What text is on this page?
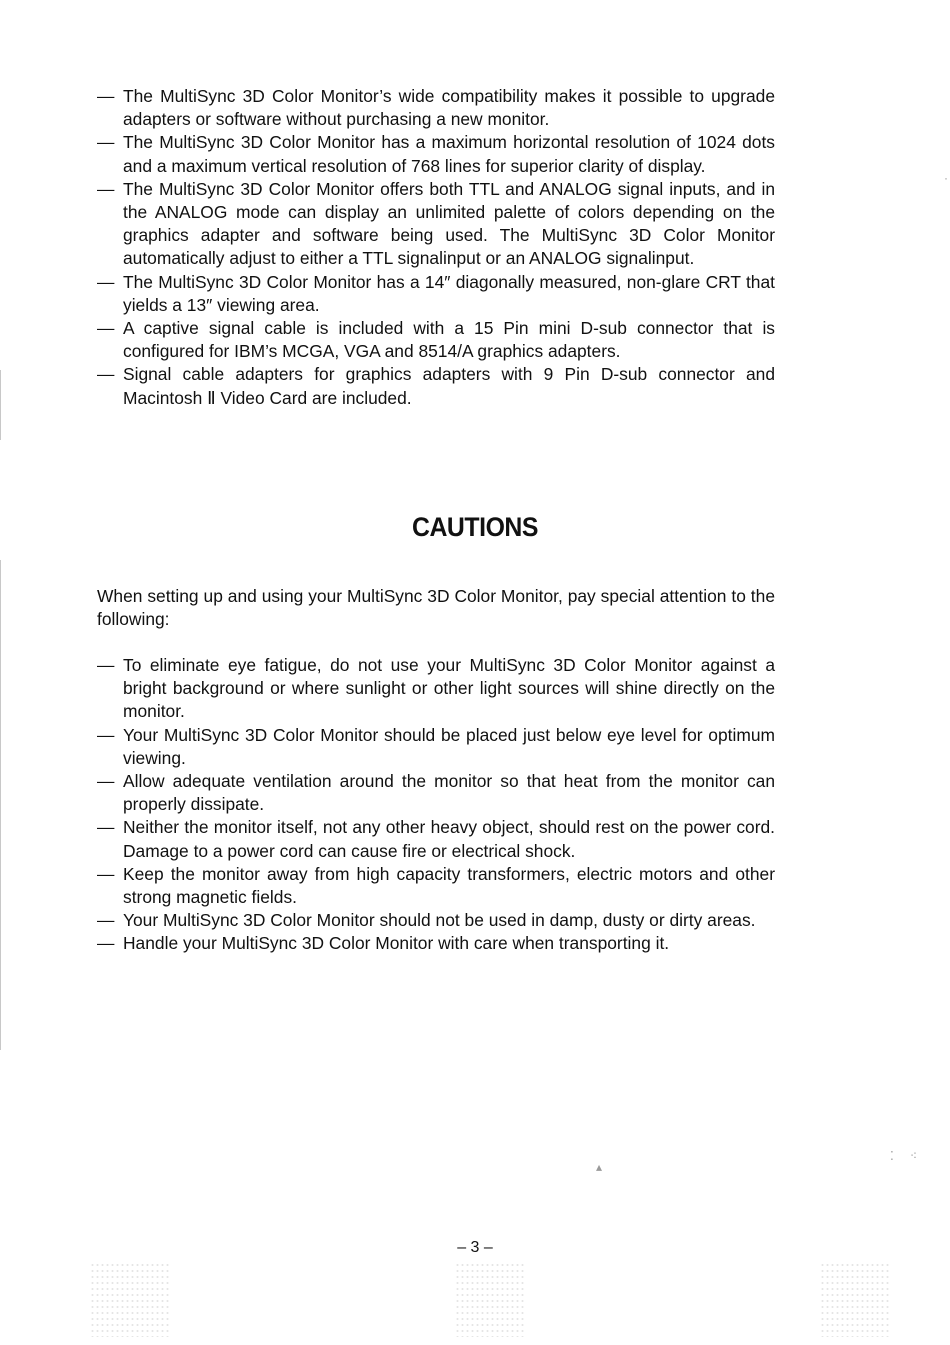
— The MultiSync 3D Color Monitor’s wide compatibility makes it possible to upgrade adapters or software without purchasing a new monitor.
— The MultiSync 3D Color Monitor has a maximum horizontal resolution of 1024 dots and a maximum vertical resolution of 768 lines for superior clarity of display.
— The MultiSync 3D Color Monitor offers both TTL and ANALOG signal inputs, and in the ANALOG mode can display an unlimited palette of colors depending on the graphics adapter and software being used. The MultiSync 3D Color Monitor automatically adjust to either a TTL signalinput or an ANALOG signalinput.
— The MultiSync 3D Color Monitor has a 14″ diagonally measured, non-glare CRT that yields a 13″ viewing area.
— A captive signal cable is included with a 15 Pin mini D-sub connector that is configured for IBM’s MCGA, VGA and 8514/A graphics adapters.
— Signal cable adapters for graphics adapters with 9 Pin D-sub connector and Macintosh Ⅱ Video Card are included.
CAUTIONS
When setting up and using your MultiSync 3D Color Monitor, pay special attention to the following:
— To eliminate eye fatigue, do not use your MultiSync 3D Color Monitor against a bright background or where sunlight or other light sources will shine directly on the monitor.
— Your MultiSync 3D Color Monitor should be placed just below eye level for optimum viewing.
— Allow adequate ventilation around the monitor so that heat from the monitor can properly dissipate.
— Neither the monitor itself, not any other heavy object, should rest on the power cord. Damage to a power cord can cause fire or electrical shock.
— Keep the monitor away from high capacity transformers, electric motors and other strong magnetic fields.
— Your MultiSync 3D Color Monitor should not be used in damp, dusty or dirty areas.
— Handle your MultiSync 3D Color Monitor with care when transporting it.
– 3 –
▴
⁚ ⁖
·
